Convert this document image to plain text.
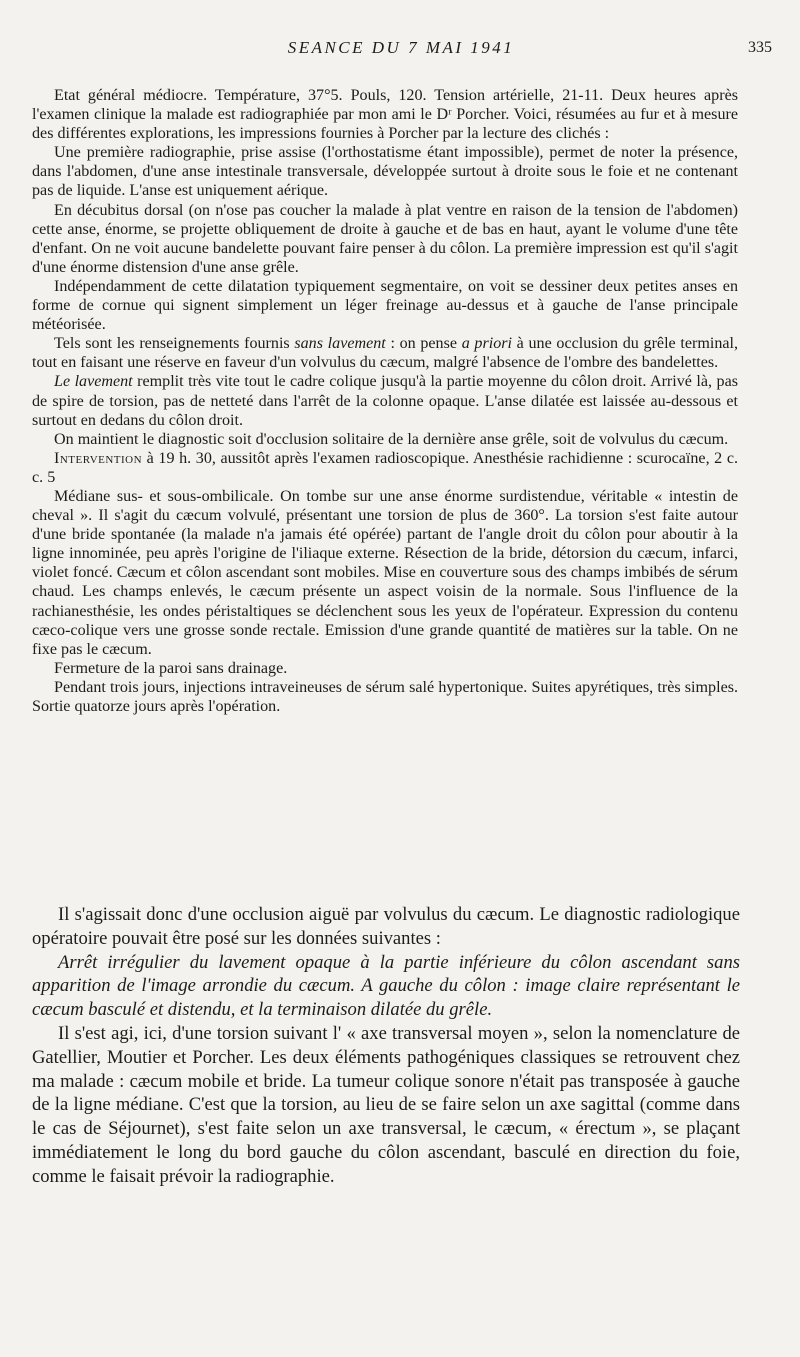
SEANCE DU 7 MAI 1941	335

Etat général médiocre. Température, 37°5. Pouls, 120. Tension artérielle, 21-11. Deux heures après l'examen clinique la malade est radiographiée par mon ami le Dʳ Porcher. Voici, résumées au fur et à mesure des différentes explorations, les impressions fournies à Porcher par la lecture des clichés :

Une première radiographie, prise assise (l'orthostatisme étant impossible), permet de noter la présence, dans l'abdomen, d'une anse intestinale transversale, développée surtout à droite sous le foie et ne contenant pas de liquide. L'anse est uniquement aérique.

En décubitus dorsal (on n'ose pas coucher la malade à plat ventre en raison de la tension de l'abdomen) cette anse, énorme, se projette obliquement de droite à gauche et de bas en haut, ayant le volume d'une tête d'enfant. On ne voit aucune bandelette pouvant faire penser à du côlon. La première impression est qu'il s'agit d'une énorme distension d'une anse grêle.

Indépendamment de cette dilatation typiquement segmentaire, on voit se dessiner deux petites anses en forme de cornue qui signent simplement un léger freinage au-dessus et à gauche de l'anse principale météorisée.

Tels sont les renseignements fournis sans lavement : on pense a priori à une occlusion du grêle terminal, tout en faisant une réserve en faveur d'un volvulus du cæcum, malgré l'absence de l'ombre des bandelettes.

Le lavement remplit très vite tout le cadre colique jusqu'à la partie moyenne du côlon droit. Arrivé là, pas de spire de torsion, pas de netteté dans l'arrêt de la colonne opaque. L'anse dilatée est laissée au-dessous et surtout en dedans du côlon droit.

On maintient le diagnostic soit d'occlusion solitaire de la dernière anse grêle, soit de volvulus du cæcum.

Intervention à 19 h. 30, aussitôt après l'examen radioscopique. Anesthésie rachidienne : scurocaïne, 2 c. c. 5

Médiane sus- et sous-ombilicale. On tombe sur une anse énorme surdistendue, véritable « intestin de cheval ». Il s'agit du cæcum volvulé, présentant une torsion de plus de 360°. La torsion s'est faite autour d'une bride spontanée (la malade n'a jamais été opérée) partant de l'angle droit du côlon pour aboutir à la ligne innominée, peu après l'origine de l'iliaque externe. Résection de la bride, détorsion du cæcum, infarci, violet foncé. Cæcum et côlon ascendant sont mobiles. Mise en couverture sous des champs imbibés de sérum chaud. Les champs enlevés, le cæcum présente un aspect voisin de la normale. Sous l'influence de la rachianesthésie, les ondes péristaltiques se déclenchent sous les yeux de l'opérateur. Expression du contenu cæco-colique vers une grosse sonde rectale. Emission d'une grande quantité de matières sur la table. On ne fixe pas le cæcum.

Fermeture de la paroi sans drainage.

Pendant trois jours, injections intraveineuses de sérum salé hypertonique. Suites apyrétiques, très simples. Sortie quatorze jours après l'opération.

Il s'agissait donc d'une occlusion aiguë par volvulus du cæcum. Le diagnostic radiologique opératoire pouvait être posé sur les données suivantes :

Arrêt irrégulier du lavement opaque à la partie inférieure du côlon ascendant sans apparition de l'image arrondie du cæcum. A gauche du côlon : image claire représentant le cæcum basculé et distendu, et la terminaison dilatée du grêle.

Il s'est agi, ici, d'une torsion suivant l' « axe transversal moyen », selon la nomenclature de Gatellier, Moutier et Porcher. Les deux éléments pathogéniques classiques se retrouvent chez ma malade : cæcum mobile et bride. La tumeur colique sonore n'était pas transposée à gauche de la ligne médiane. C'est que la torsion, au lieu de se faire selon un axe sagittal (comme dans le cas de Séjournet), s'est faite selon un axe transversal, le cæcum, « érectum », se plaçant immédiatement le long du bord gauche du côlon ascendant, basculé en direction du foie, comme le faisait prévoir la radiographie.
